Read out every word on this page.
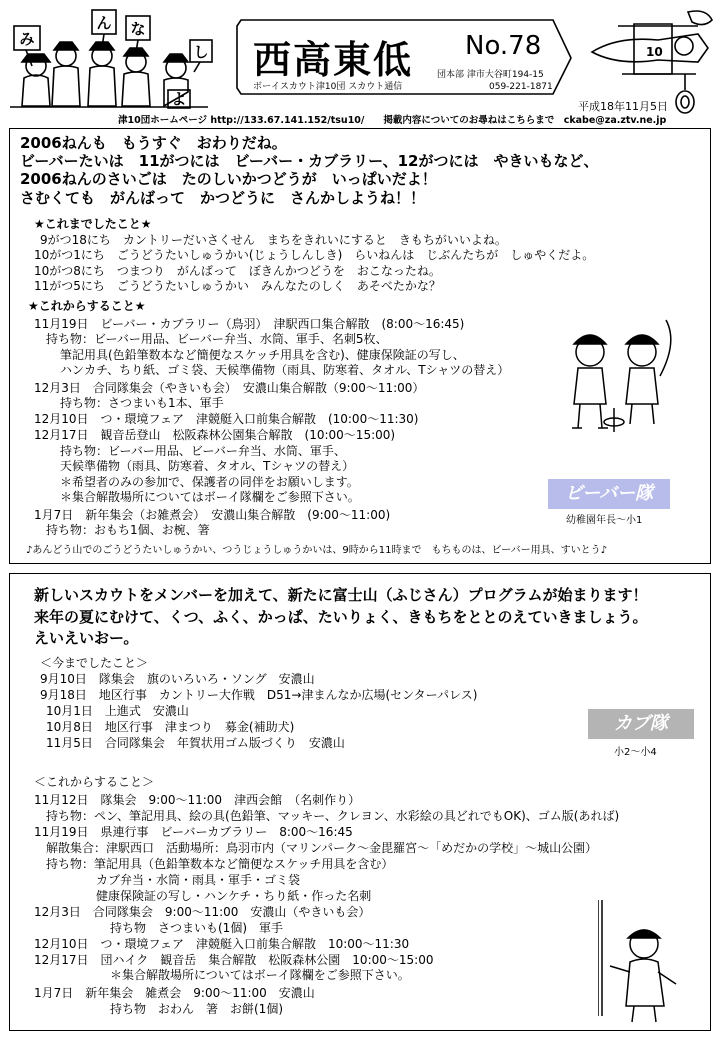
み
ん な
し
よ
西高東低 No.78
団本部 津市大谷町194-15
ボーイスカウト津10団 スカウト通信	059-221-1871
10
平成18年11月5日
津10団ホームページ http://133.67.141.152/tsu10/　　掲載内容についてのお尋ねはこちらまで　ckabe@za.ztv.ne.jp
2006ねんも　もうすぐ　おわりだね。
ビーバーたいは　11がつには　ビーバー・カブラリー、12がつには　やきいもなど、
2006ねんのさいごは　たのしいかつどうが　いっぱいだよ！
さむくても　がんばって　かつどうに　さんかしようね！！
★これまでしたこと★
9がつ18にち　カントリーだいさくせん　まちをきれいにすると　きもちがいいよね。
10がつ1にち　ごうどうたいしゅうかい(じょうしんしき)　らいねんは　じぶんたちが　しゅやくだよ。
10がつ8にち　つまつり　がんばって　ぼきんかつどうを　おこなったね。
11がつ5にち　ごうどうたいしゅうかい　みんなたのしく　あそべたかな？
★これからすること★
11月19日　ビーバー・カブラリー（鳥羽）　津駅西口集合解散　(8:00～16:45)
持ち物：ビーバー用品、ビーバー弁当、水筒、軍手、名刺5枚、
筆記用具(色鉛筆数本など簡便なスケッチ用具を含む)、健康保険証の写し、
ハンカチ、ちり紙、ゴミ袋、天候準備物（雨具、防寒着、タオル、Tシャツの替え）
12月3日　合同隊集会（やきいも会）　安濃山集合解散（9:00～11:00）
持ち物：さつまいも1本、軍手
12月10日　つ・環境フェア　津競艇入口前集合解散　(10:00～11:30)
12月17日　観音岳登山　松阪森林公園集合解散　(10:00～15:00)
持ち物：ビーバー用品、ビーバー弁当、水筒、軍手、
天候準備物（雨具、防寒着、タオル、Tシャツの替え）
＊希望者のみの参加で、保護者の同伴をお願いします。
＊集合解散場所についてはボーイ隊欄をご参照下さい。
1月7日　新年集会（お雑煮会）　安濃山集合解散　(9:00～11:00)
持ち物：おもち1個、お椀、箸
♪あんどう山でのごうどうたいしゅうかい、つうじょうしゅうかいは、9時から11時まで　もちものは、ビーバー用具、すいとう♪
ビーバー隊
幼稚園年長～小1
新しいスカウトをメンバーを加えて、新たに富士山（ふじさん）プログラムが始まります！
来年の夏にむけて、くつ、ふく、かっぱ、たいりょく、きもちをととのえていきましょう。
えいえいおー。
＜今までしたこと＞
9月10日　隊集会　旗のいろいろ・ソング　安濃山
9月18日　地区行事　カントリー大作戦　D51→津まんなか広場(センターパレス)
10月1日　上進式　安濃山
10月8日　地区行事　津まつり　募金(補助犬)
11月5日　合同隊集会　年賀状用ゴム版づくり　安濃山
＜これからすること＞
11月12日　隊集会　9:00～11:00　津西会館　（名刺作り）
持ち物：ペン、筆記用具、絵の具(色鉛筆、マッキー、クレヨン、水彩絵の具どれでもOK)、ゴム版(あれば)
11月19日　県連行事　ビーバーカブラリー　8:00～16:45
解散集合：津駅西口　活動場所：鳥羽市内（マリンパーク～金毘羅宮～「めだかの学校」～城山公園）
持ち物：筆記用具（色鉛筆数本など簡便なスケッチ用具を含む）
カブ弁当・水筒・雨具・軍手・ゴミ袋
健康保険証の写し・ハンケチ・ちり紙・作った名刺
12月3日　合同隊集会　9:00～11:00　安濃山（やきいも会）
持ち物　さつまいも(1個)　軍手
12月10日　つ・環境フェア　津競艇入口前集合解散　10:00～11:30
12月17日　団ハイク　観音岳　集合解散　松阪森林公園　10:00～15:00
＊集合解散場所についてはボーイ隊欄をご参照下さい。
1月7日　新年集会　雑煮会　9:00～11:00　安濃山
持ち物　おわん　箸　お餅(1個)
カブ隊
小2～小4
